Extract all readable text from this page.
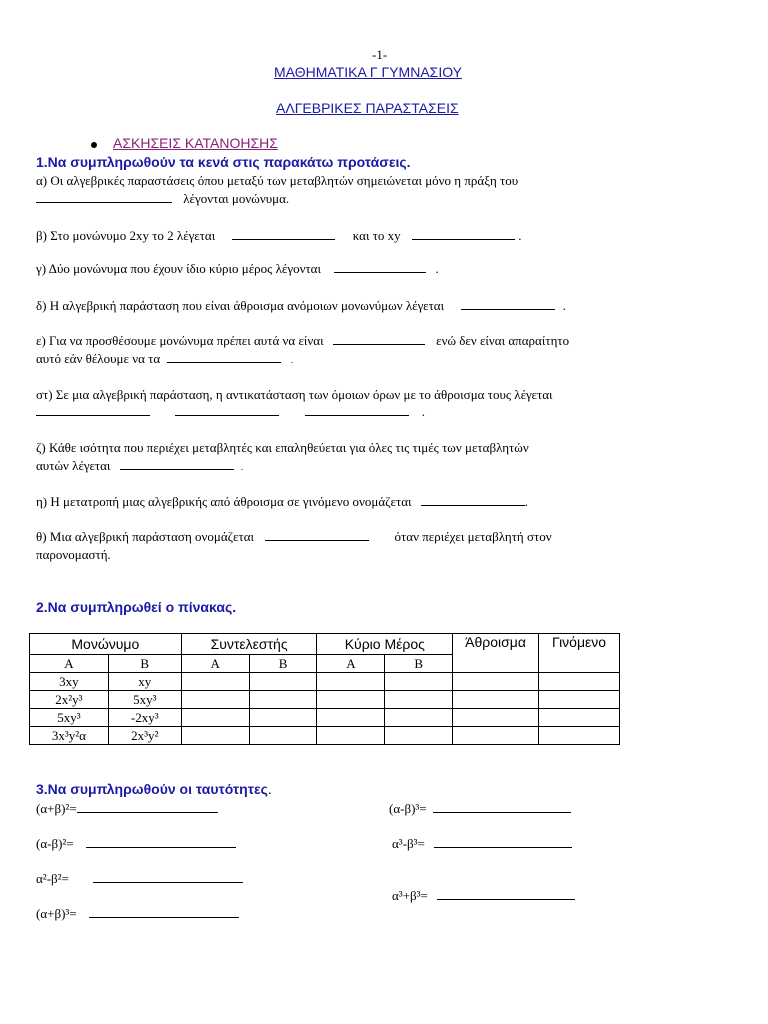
-1-
ΜΑΘΗΜΑΤΙΚΑ Γ ΓΥΜΝΑΣΙΟΥ
ΑΛΓΕΒΡΙΚΕΣ ΠΑΡΑΣΤΑΣΕΙΣ
ΑΣΚΗΣΕΙΣ ΚΑΤΑΝΟΗΣΗΣ
1.Να συμπληρωθούν τα κενά στις παρακάτω προτάσεις.
α) Οι αλγεβρικές παραστάσεις όπου μεταξύ των μεταβλητών σημειώνεται μόνο η πράξη του
λέγονται μονώνυμα.
β) Στο μονώνυμο 2xy το 2 λέγεται	και το xy	.
γ) Δύο μονώνυμα που έχουν ίδιο κύριο μέρος λέγονται	.
δ) Η αλγεβρική παράσταση που είναι άθροισμα ανόμοιων μονωνύμων λέγεται	.
ε) Για να προσθέσουμε μονώνυμα πρέπει αυτά να είναι	ενώ δεν είναι απαραίτητο
αυτό εάν θέλουμε να τα	.
στ) Σε μια αλγεβρική παράσταση, η αντικατάσταση των όμοιων όρων με το άθροισμα τους λέγεται
.
ζ) Κάθε ισότητα που περιέχει μεταβλητές και επαληθεύεται για όλες τις τιμές των μεταβλητών
αυτών λέγεται	.
η) Η μετατροπή μιας αλγεβρικής από άθροισμα σε γινόμενο ονομάζεται	.
θ) Μια αλγεβρική παράσταση ονομάζεται	όταν περιέχει μεταβλητή στον
παρονομαστή.
2.Να συμπληρωθεί ο πίνακας.
Μονώνυμο		Συντελεστής		Κύριο Μέρος		Άθροισμα	Γινόμενο
Α	Β	Α	Β	Α	Β		
3xy	xy						
2x²y³	5xy³						
5xy³	-2xy³						
3x³y²α	2x³y²						
3.Να συμπληρωθούν οι ταυτότητες.
(α+β)²=	(α-β)³=
(α-β)²=	α³-β³=
α²-β²=
α³+β³=
(α+β)³=
